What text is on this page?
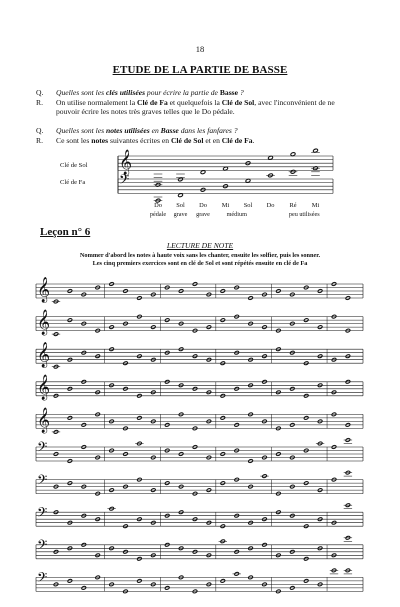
18
ETUDE DE LA PARTIE DE BASSE
Q.	Quelles sont les clés utilisées pour écrire la partie de Basse ?
R.	On utilise normalement la Clé de Fa et quelquefois la Clé de Sol, avec l'inconvénient de ne
pouvoir écrire les notes très graves telles que le Do pédale.
Q.	Quelles sont les notes utilisées en Basse dans les fanfares ?
R.	Ce sont les notes suivantes écrites en Clé de Sol et en Clé de Fa.
Clé de Sol
Clé de Fa
𝄞
𝄢
Do	Sol	Do	Mi	Sol	Do	Ré	Mi
pédale	grave	grave	médium	peu utilisées
Leçon n° 6
LECTURE DE NOTE
Nommer d'abord les notes à haute voix sans les chanter, ensuite les solfier, puis les sonner.
Les cinq premiers exercices sont en clé de Sol et sont répétés ensuite en clé de Fa
𝄞
𝄞
𝄞
𝄞
𝄞
𝄢
𝄢
𝄢
𝄢
𝄢
